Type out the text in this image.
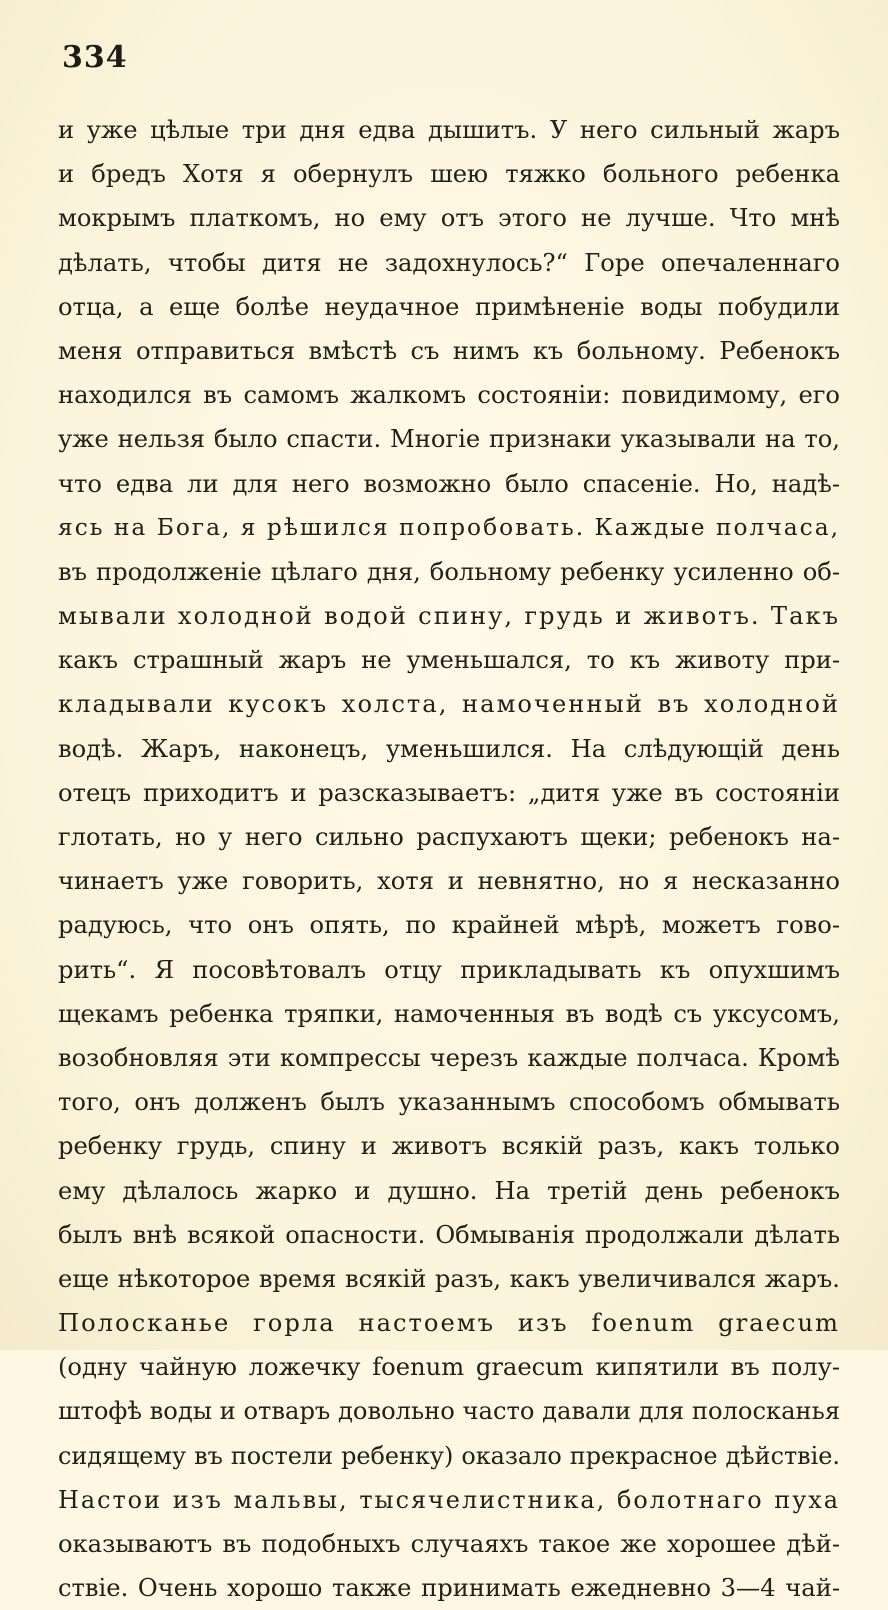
334
и уже цѣлые три дня едва дышитъ. У него сильный жаръ
и бредъ Хотя я обернулъ шею тяжко больного ребенка
мокрымъ платкомъ, но ему отъ этого не лучше. Что мнѣ
дѣлать, чтобы дитя не задохнулось?“ Горе опечаленнаго
отца, а еще болѣе неудачное примѣненіе воды побудили
меня отправиться вмѣстѣ съ нимъ къ больному. Ребенокъ
находился въ самомъ жалкомъ состояніи: повидимому, его
уже нельзя было спасти. Многіе признаки указывали на то,
что едва ли для него возможно было спасеніе. Но, надѣ-
ясь на Бога, я рѣшился попробовать. Каждые полчаса,
въ продолженіе цѣлаго дня, больному ребенку усиленно об-
мывали холодной водой спину, грудь и животъ. Такъ
какъ страшный жаръ не уменьшался, то къ животу при-
кладывали кусокъ холста, намоченный въ холодной
водѣ. Жаръ, наконецъ, уменьшился. На слѣдующій день
отецъ приходитъ и разсказываетъ: „дитя уже въ состояніи
глотать, но у него сильно распухаютъ щеки; ребенокъ на-
чинаетъ уже говорить, хотя и невнятно, но я несказанно
радуюсь, что онъ опять, по крайней мѣрѣ, можетъ гово-
рить“. Я посовѣтовалъ отцу прикладывать къ опухшимъ
щекамъ ребенка тряпки, намоченныя въ водѣ съ уксусомъ,
возобновляя эти компрессы черезъ каждые полчаса. Кромѣ
того, онъ долженъ былъ указаннымъ способомъ обмывать
ребенку грудь, спину и животъ всякій разъ, какъ только
ему дѣлалось жарко и душно. На третій день ребенокъ
былъ внѣ всякой опасности. Обмыванія продолжали дѣлать
еще нѣкоторое время всякій разъ, какъ увеличивался жаръ.
Полосканье горла настоемъ изъ foenum graecum
(одну чайную ложечку foenum graecum кипятили въ полу-
штофѣ воды и отваръ довольно часто давали для полосканья
сидящему въ постели ребенку) оказало прекрасное дѣйствіе.
Настои изъ мальвы, тысячелистника, болотнаго пуха
оказываютъ въ подобныхъ случаяхъ такое же хорошее дѣй-
ствіе. Очень хорошо также принимать ежедневно 3—4 чай-
